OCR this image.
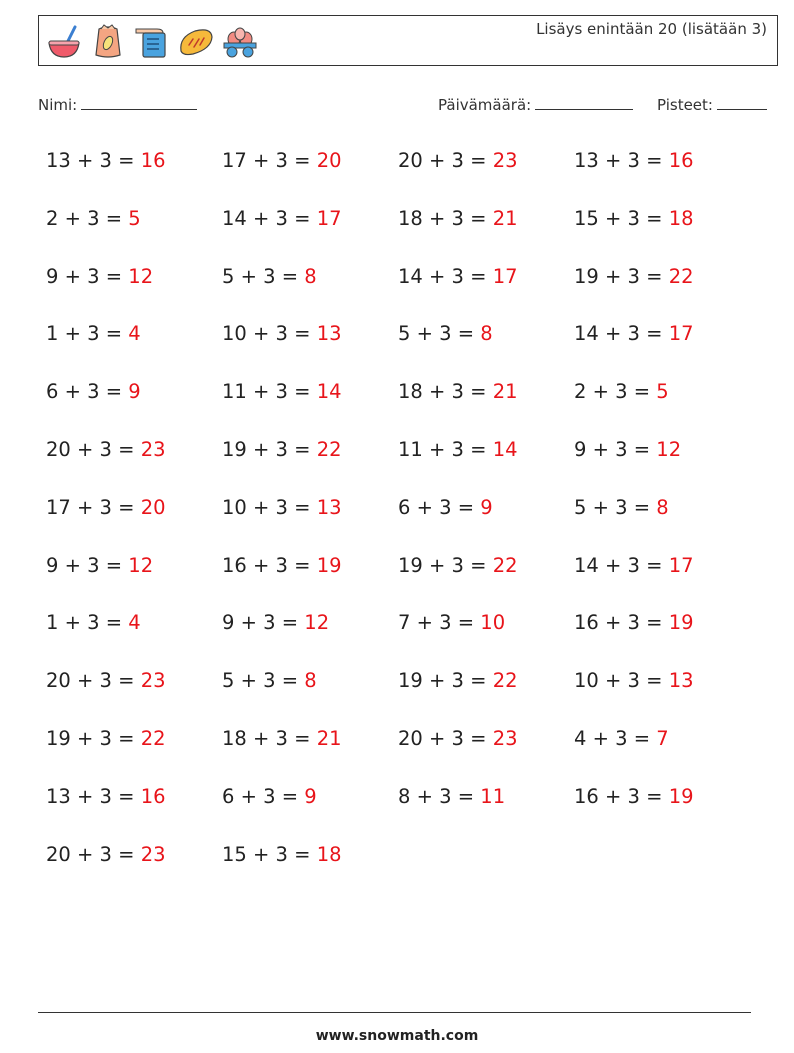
Lisäys enintään 20 (lisätään 3)
Nimi:	Päivämäärä:	Pisteet:
13 + 3 = 16	17 + 3 = 20	20 + 3 = 23	13 + 3 = 16
2 + 3 = 5	14 + 3 = 17	18 + 3 = 21	15 + 3 = 18
9 + 3 = 12	5 + 3 = 8	14 + 3 = 17	19 + 3 = 22
1 + 3 = 4	10 + 3 = 13	5 + 3 = 8	14 + 3 = 17
6 + 3 = 9	11 + 3 = 14	18 + 3 = 21	2 + 3 = 5
20 + 3 = 23	19 + 3 = 22	11 + 3 = 14	9 + 3 = 12
17 + 3 = 20	10 + 3 = 13	6 + 3 = 9	5 + 3 = 8
9 + 3 = 12	16 + 3 = 19	19 + 3 = 22	14 + 3 = 17
1 + 3 = 4	9 + 3 = 12	7 + 3 = 10	16 + 3 = 19
20 + 3 = 23	5 + 3 = 8	19 + 3 = 22	10 + 3 = 13
19 + 3 = 22	18 + 3 = 21	20 + 3 = 23	4 + 3 = 7
13 + 3 = 16	6 + 3 = 9	8 + 3 = 11	16 + 3 = 19
20 + 3 = 23	15 + 3 = 18
www.snowmath.com
